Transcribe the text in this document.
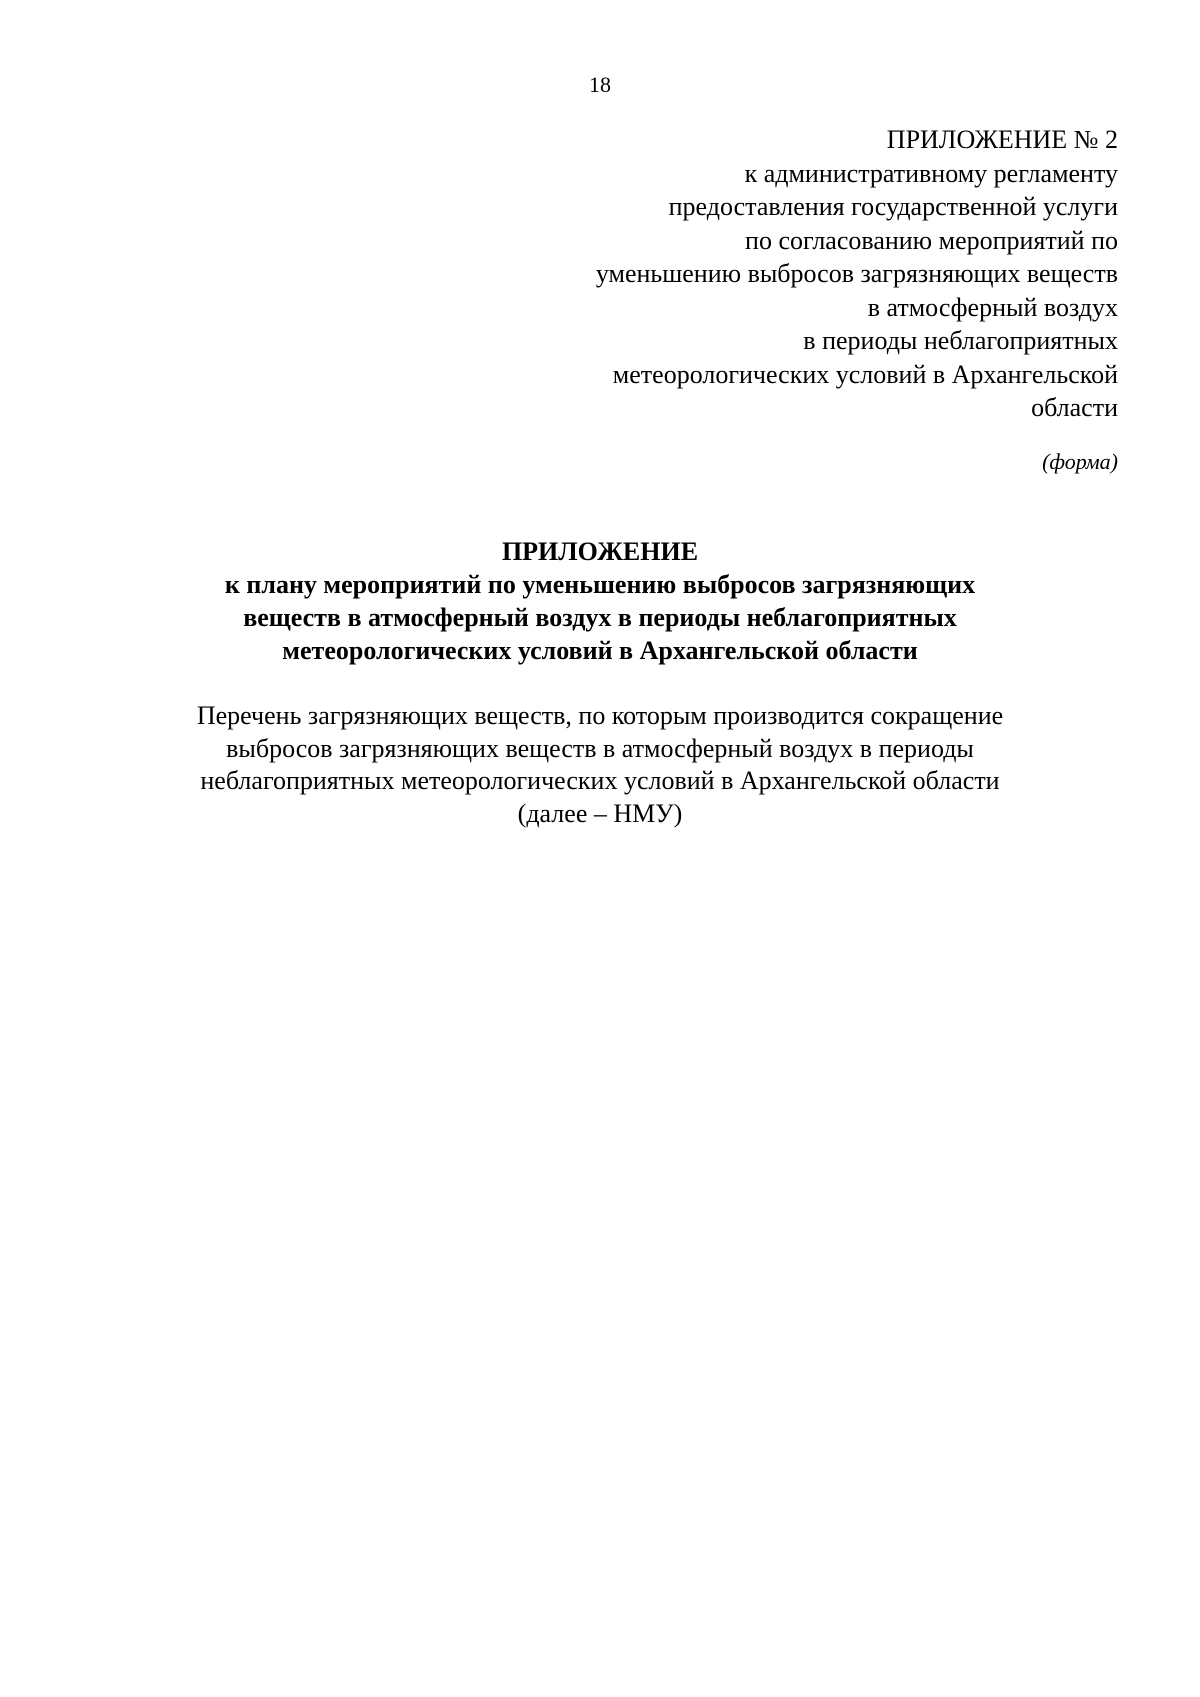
18
ПРИЛОЖЕНИЕ № 2
к административному регламенту
предоставления государственной услуги
по согласованию мероприятий по
уменьшению выбросов загрязняющих веществ
в атмосферный воздух
в периоды неблагоприятных
метеорологических условий в Архангельской
области
(форма)
ПРИЛОЖЕНИЕ
к плану мероприятий по уменьшению выбросов загрязняющих
веществ в атмосферный воздух в периоды неблагоприятных
метеорологических условий в Архангельской области
Перечень загрязняющих веществ, по которым производится сокращение
выбросов загрязняющих веществ в атмосферный воздух в периоды
неблагоприятных метеорологических условий в Архангельской области
(далее – НМУ)
